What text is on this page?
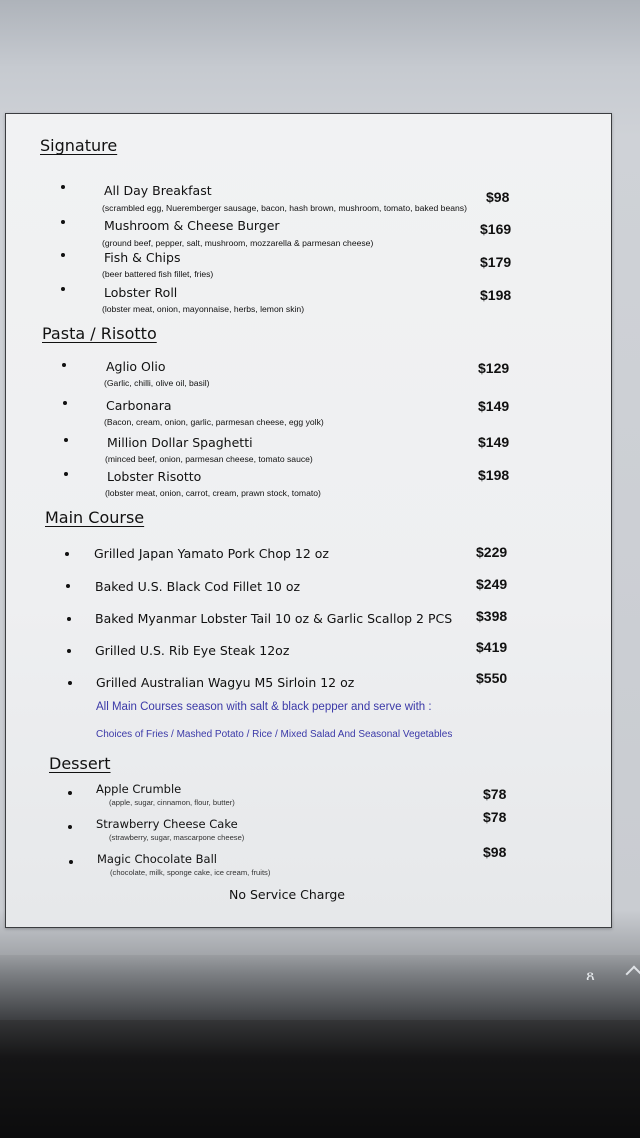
ጸ
Signature
All Day Breakfast
(scrambled egg, Nueremberger sausage, bacon, hash brown, mushroom, tomato, baked beans)
$98
Mushroom & Cheese Burger
(ground beef, pepper, salt, mushroom, mozzarella & parmesan cheese)
$169
Fish & Chips
(beer battered fish fillet, fries)
$179
Lobster Roll
(lobster meat, onion, mayonnaise, herbs, lemon skin)
$198
Pasta / Risotto
Aglio Olio
(Garlic, chilli, olive oil, basil)
$129
Carbonara
(Bacon, cream, onion, garlic, parmesan cheese, egg yolk)
$149
Million Dollar Spaghetti
(minced beef, onion, parmesan cheese, tomato sauce)
$149
Lobster Risotto
(lobster meat, onion, carrot, cream, prawn stock, tomato)
$198
Main Course
Grilled Japan Yamato Pork Chop 12 oz	$229
Baked U.S. Black Cod Fillet 10 oz	$249
Baked Myanmar Lobster Tail 10 oz & Garlic Scallop 2 PCS $398
Grilled U.S. Rib Eye Steak 12oz	$419
Grilled Australian Wagyu M5 Sirloin 12 oz	$550
All Main Courses season with salt & black pepper and serve with :
Choices of Fries / Mashed Potato / Rice / Mixed Salad And Seasonal Vegetables
Dessert
Apple Crumble
(apple, sugar, cinnamon, flour, butter)
$78
Strawberry Cheese Cake
(strawberry, sugar, mascarpone cheese)
$78
Magic Chocolate Ball
(chocolate, milk, sponge cake, ice cream, fruits)
$98
No Service Charge
